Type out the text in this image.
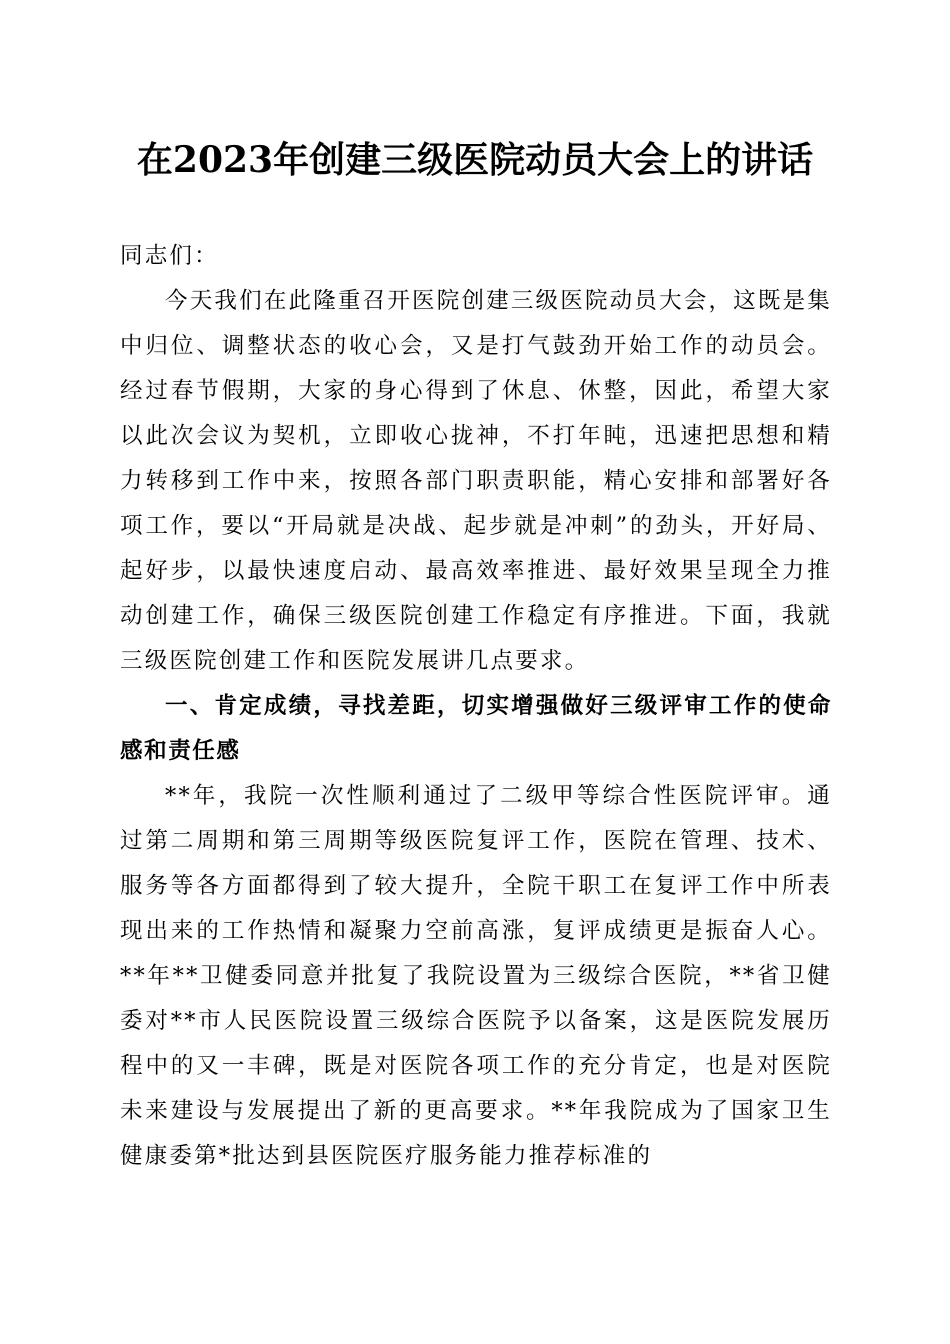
在2023年创建三级医院动员大会上的讲话

同志们：

今天我们在此隆重召开医院创建三级医院动员大会，这既是集中归位、调整状态的收心会，又是打气鼓劲开始工作的动员会。经过春节假期，大家的身心得到了休息、休整，因此，希望大家以此次会议为契机，立即收心拢神，不打年盹，迅速把思想和精力转移到工作中来，按照各部门职责职能，精心安排和部署好各项工作，要以“开局就是决战、起步就是冲刺”的劲头，开好局、起好步，以最快速度启动、最高效率推进、最好效果呈现全力推动创建工作，确保三级医院创建工作稳定有序推进。下面，我就三级医院创建工作和医院发展讲几点要求。

一、肯定成绩，寻找差距，切实增强做好三级评审工作的使命感和责任感

**年，我院一次性顺利通过了二级甲等综合性医院评审。通过第二周期和第三周期等级医院复评工作，医院在管理、技术、服务等各方面都得到了较大提升，全院干职工在复评工作中所表现出来的工作热情和凝聚力空前高涨，复评成绩更是振奋人心。**年**卫健委同意并批复了我院设置为三级综合医院，**省卫健委对**市人民医院设置三级综合医院予以备案，这是医院发展历程中的又一丰碑，既是对医院各项工作的充分肯定，也是对医院未来建设与发展提出了新的更高要求。**年我院成为了国家卫生健康委第*批达到县医院医疗服务能力推荐标准的
